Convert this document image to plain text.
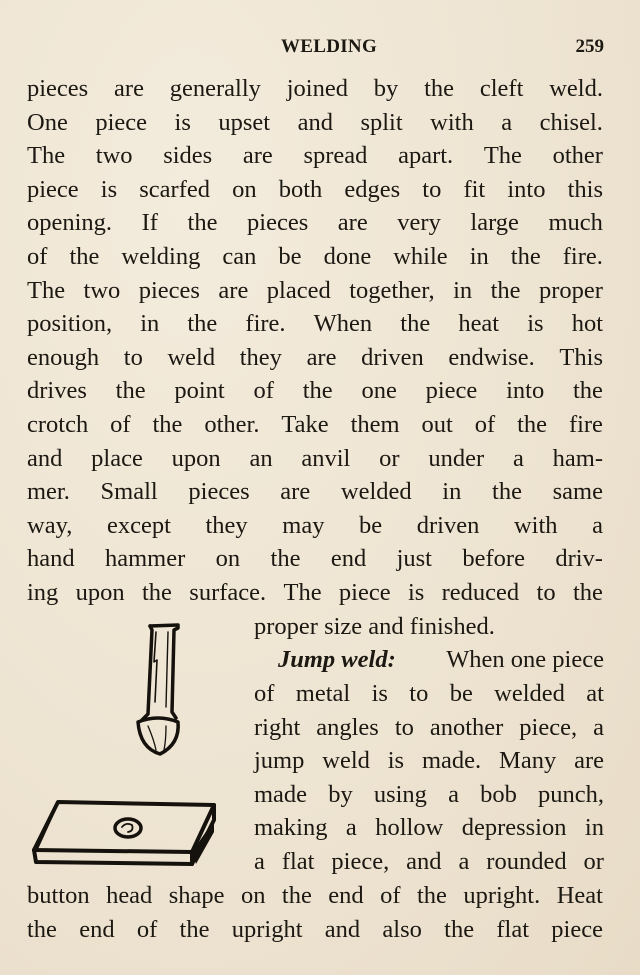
WELDING	259
pieces are generally joined by the cleft weld.
One piece is upset and split with a chisel.
The two sides are spread apart. The other
piece is scarfed on both edges to fit into this
opening. If the pieces are very large much
of the welding can be done while in the fire.
The two pieces are placed together, in the proper
position, in the fire. When the heat is hot
enough to weld they are driven endwise. This
drives the point of the one piece into the
crotch of the other. Take them out of the fire
and place upon an anvil or under a ham-
mer. Small pieces are welded in the same
way, except they may be driven with a
hand hammer on the end just before driv-
ing upon the surface. The piece is reduced to the
proper size and finished.
Jump weld: When one piece
of metal is to be welded at
right angles to another piece, a
jump weld is made. Many are
made by using a bob punch,
making a hollow depression in
a flat piece, and a rounded or
button head shape on the end of the upright. Heat
the end of the upright and also the flat piece
